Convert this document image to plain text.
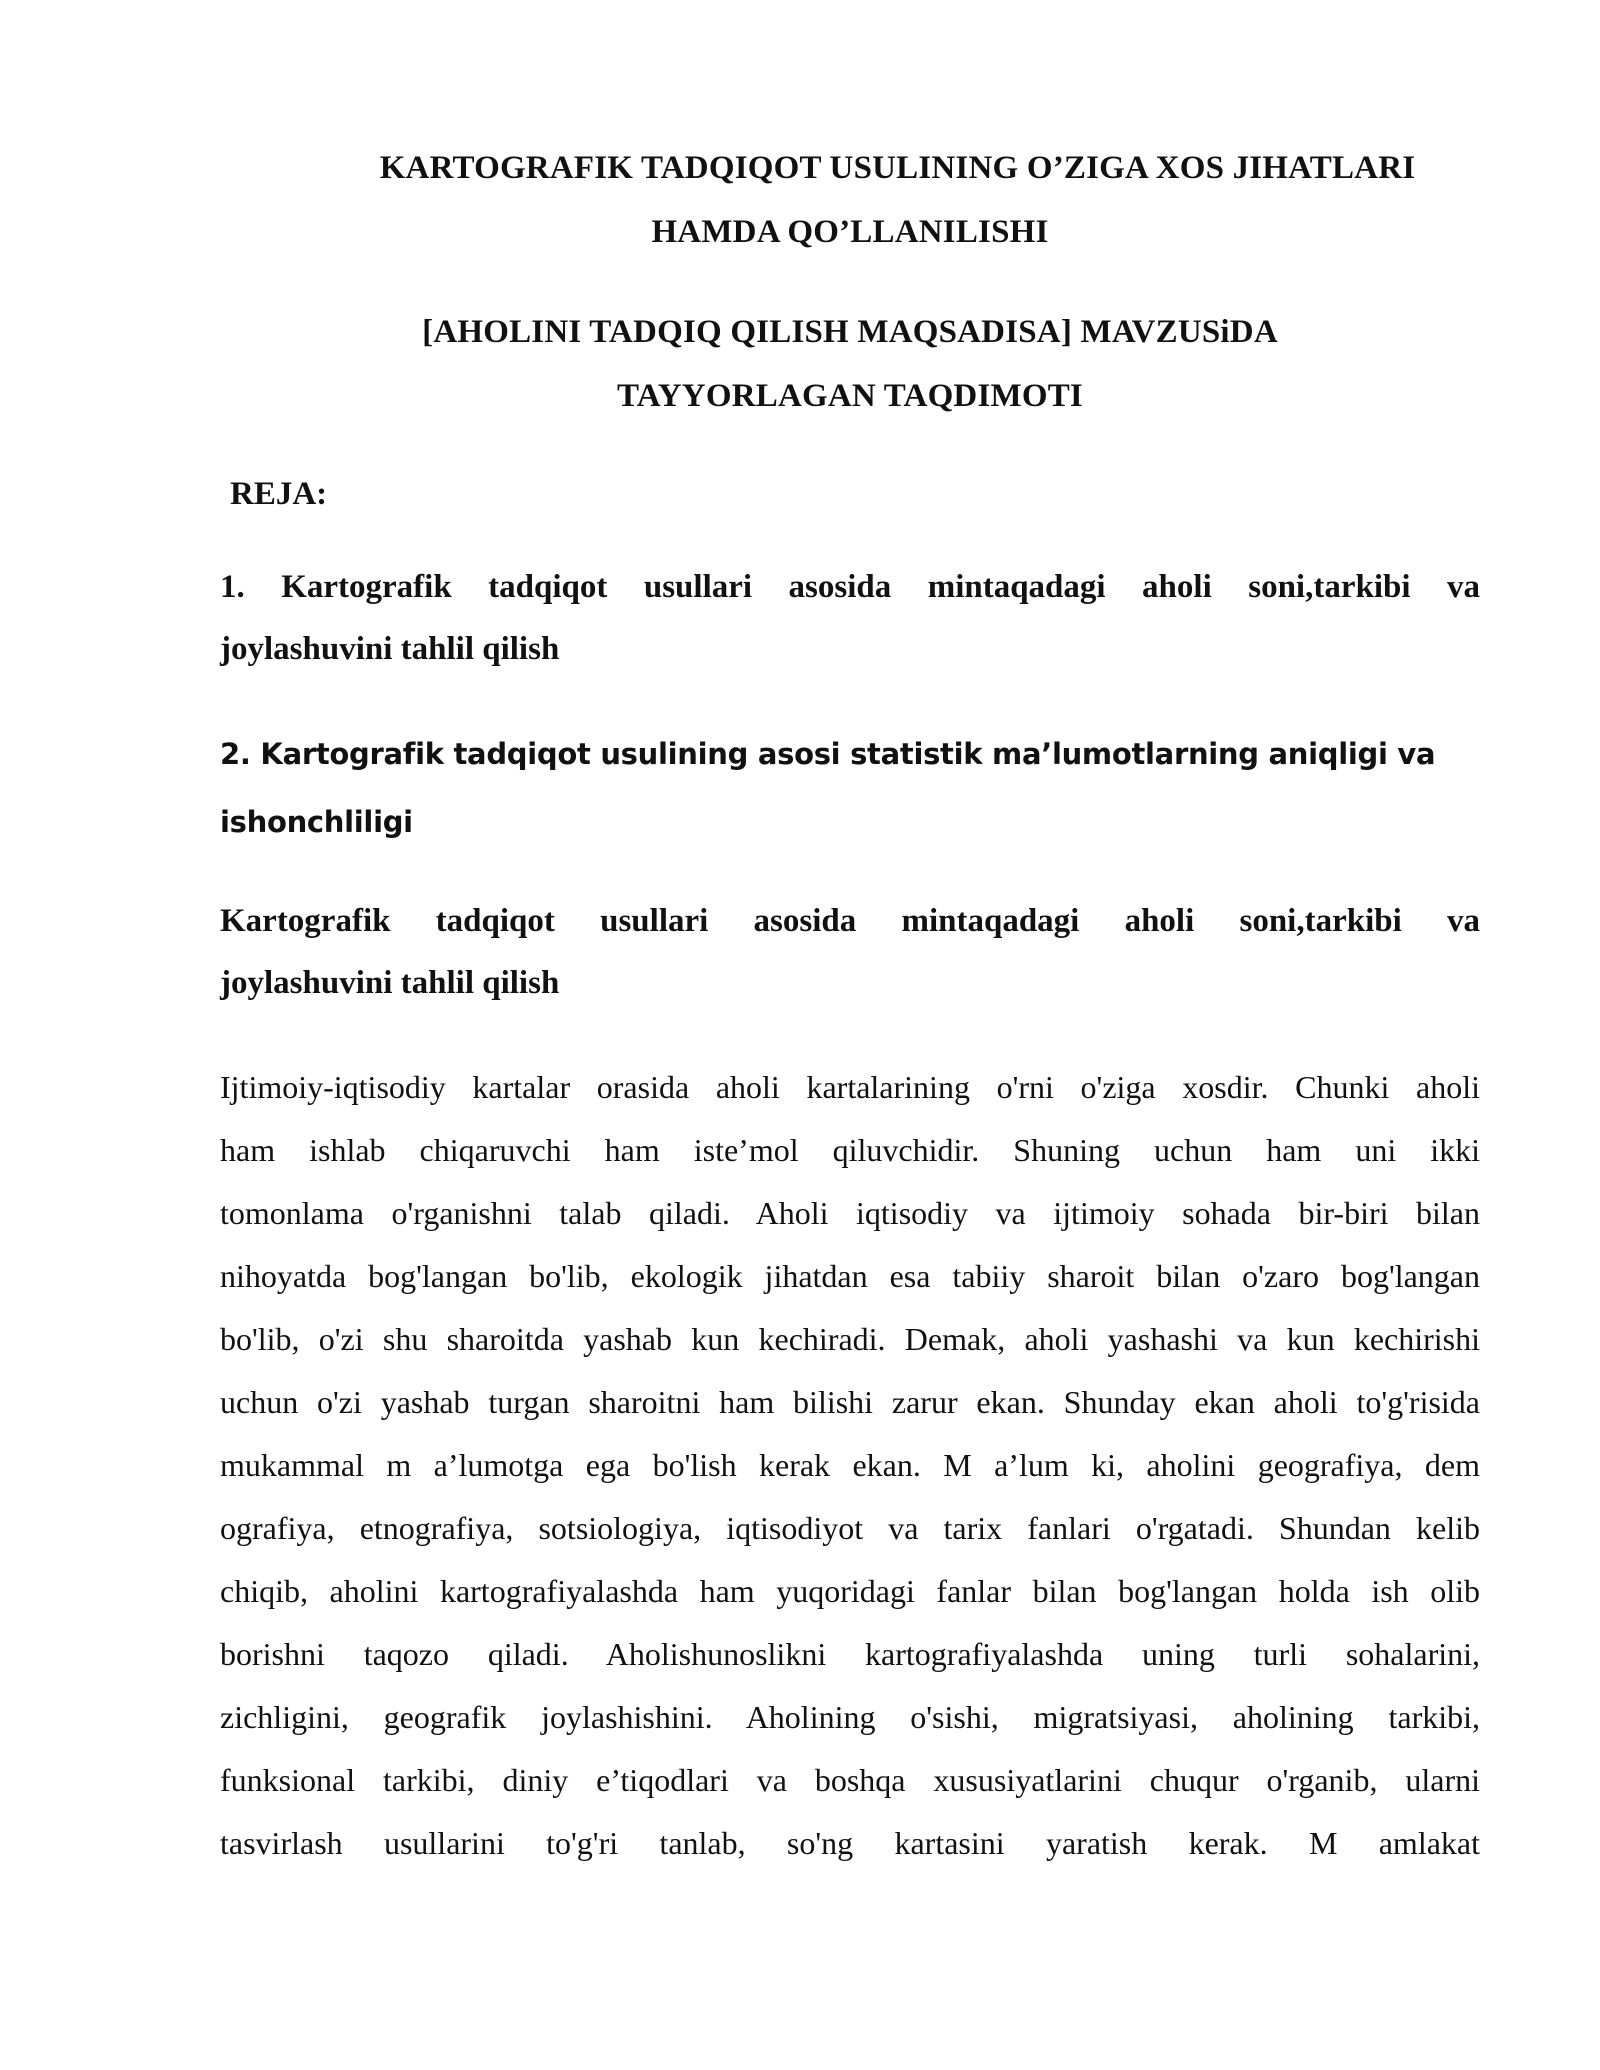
KARTOGRAFIK TADQIQOT USULINING O’ZIGA XOS JIHATLARI
HAMDA QO’LLANILISHI
[AHOLINI TADQIQ QILISH MAQSADISA] MAVZUSiDA
TAYYORLAGAN TAQDIMOTI
REJA:
1. Kartografik tadqiqot usullari asosida mintaqadagi aholi soni,tarkibi va
joylashuvini tahlil qilish
2. Kartografik tadqiqot usulining asosi statistik ma’lumotlarning aniqligi va
ishonchliligi
Kartografik tadqiqot usullari asosida mintaqadagi aholi soni,tarkibi va
joylashuvini tahlil qilish
Ijtimoiy-iqtisodiy kartalar orasida aholi kartalarining o'rni o'ziga xosdir. Chunki aholi
ham ishlab chiqaruvchi ham iste’mol qiluvchidir. Shuning uchun ham uni ikki
tomonlama o'rganishni talab qiladi. Aholi iqtisodiy va ijtimoiy sohada bir-biri bilan
nihoyatda bog'langan bo'lib, ekologik jihatdan esa tabiiy sharoit bilan o'zaro bog'langan
bo'lib, o'zi shu sharoitda yashab kun kechiradi. Demak, aholi yashashi va kun kechirishi
uchun o'zi yashab turgan sharoitni ham bilishi zarur ekan. Shunday ekan aholi to'g'risida
mukammal m a’lumotga ega bo'lish kerak ekan. M a’lum ki, aholini geografiya, dem
ografiya, etnografiya, sotsiologiya, iqtisodiyot va tarix fanlari o'rgatadi. Shundan kelib
chiqib, aholini kartografiyalashda ham yuqoridagi fanlar bilan bog'langan holda ish olib
borishni taqozo qiladi. Aholishunoslikni kartografiyalashda uning turli sohalarini,
zichligini, geografik joylashishini. Aholining o'sishi, migratsiyasi, aholining tarkibi,
funksional tarkibi, diniy e’tiqodlari va boshqa xususiyatlarini chuqur o'rganib, ularni
tasvirlash usullarini to'g'ri tanlab, so'ng kartasini yaratish kerak. M amlakat
